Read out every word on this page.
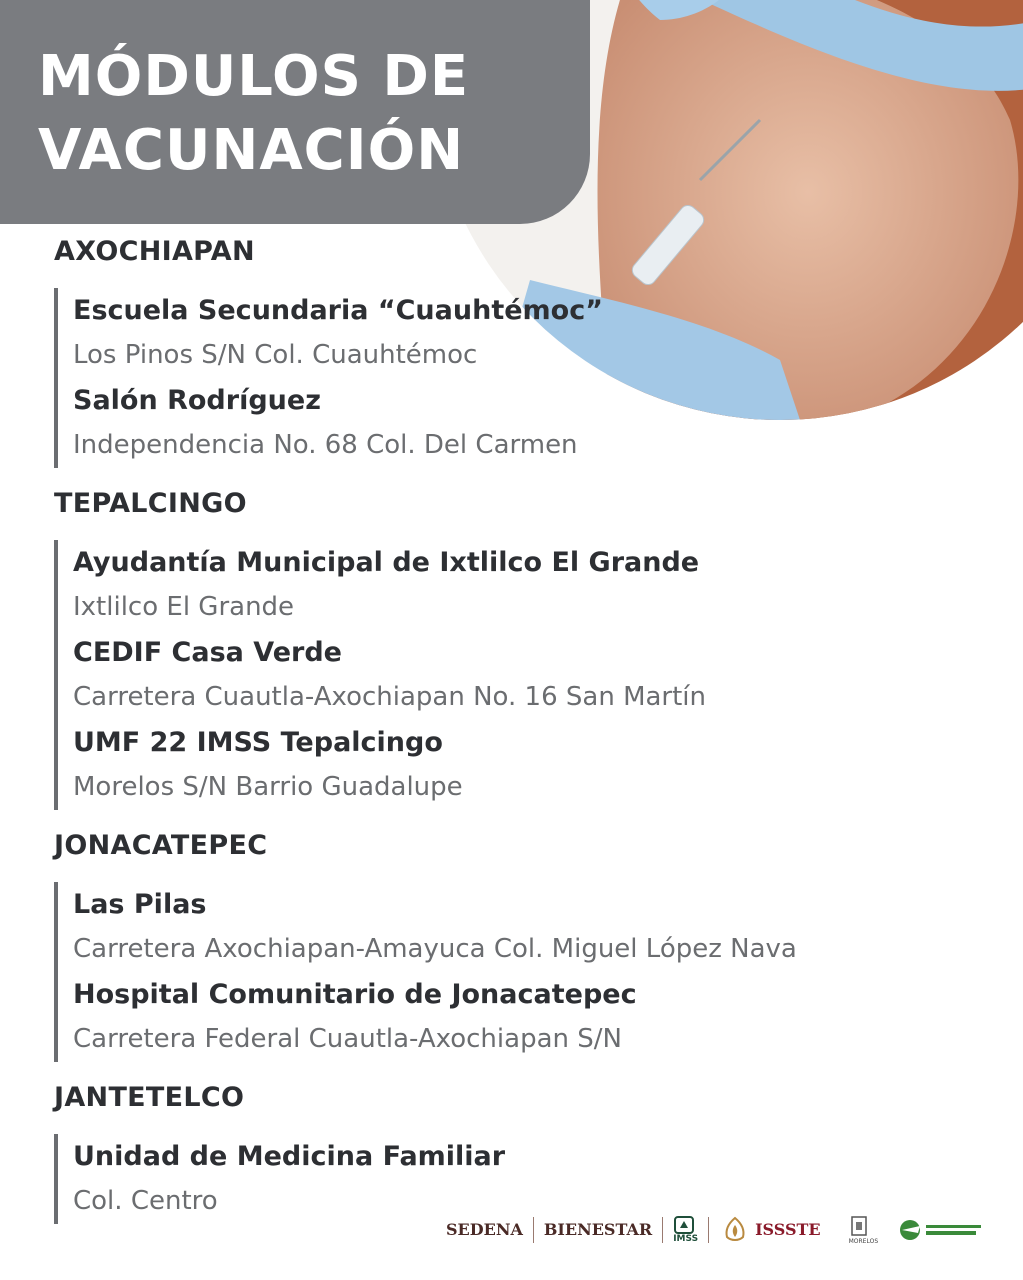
MÓDULOS DE
VACUNACIÓN
AXOCHIAPAN
Escuela Secundaria “Cuauhtémoc”
Los Pinos S/N Col. Cuauhtémoc
Salón Rodríguez
Independencia No. 68 Col. Del Carmen
TEPALCINGO
Ayudantía Municipal de Ixtlilco El Grande
Ixtlilco El Grande
CEDIF Casa Verde
Carretera Cuautla-Axochiapan No. 16 San Martín
UMF 22 IMSS Tepalcingo
Morelos S/N Barrio Guadalupe
JONACATEPEC
Las Pilas
Carretera Axochiapan-Amayuca Col. Miguel López Nava
Hospital Comunitario de Jonacatepec
Carretera Federal Cuautla-Axochiapan S/N
JANTETELCO
Unidad de Medicina Familiar
Col. Centro
SEDENA BIENESTAR IMSS	ISSSTE
MORELOS
